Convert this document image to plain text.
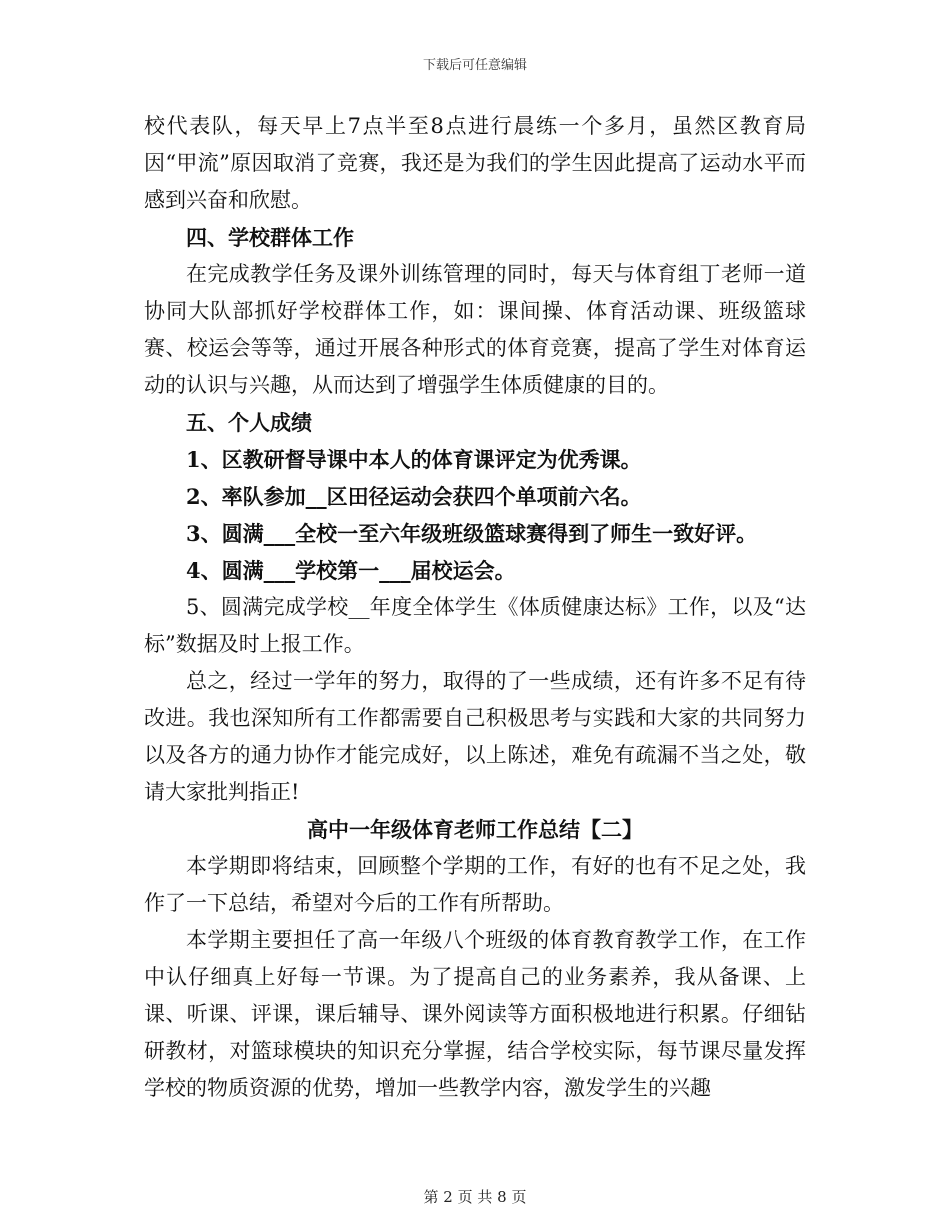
下载后可任意编辑

校代表队，每天早上7点半至8点进行晨练一个多月，虽然区教育局因“甲流”原因取消了竞赛，我还是为我们的学生因此提高了运动水平而感到兴奋和欣慰。

四、学校群体工作

在完成教学任务及课外训练管理的同时，每天与体育组丁老师一道协同大队部抓好学校群体工作，如：课间操、体育活动课、班级篮球赛、校运会等等，通过开展各种形式的体育竞赛，提高了学生对体育运动的认识与兴趣，从而达到了增强学生体质健康的目的。

五、个人成绩

1、区教研督导课中本人的体育课评定为优秀课。

2、率队参加__区田径运动会获四个单项前六名。

3、圆满___全校一至六年级班级篮球赛得到了师生一致好评。

4、圆满___学校第一___届校运会。

5、圆满完成学校__年度全体学生《体质健康达标》工作，以及“达标”数据及时上报工作。

总之，经过一学年的努力，取得的了一些成绩，还有许多不足有待改进。我也深知所有工作都需要自己积极思考与实践和大家的共同努力以及各方的通力协作才能完成好，以上陈述，难免有疏漏不当之处，敬请大家批判指正!

高中一年级体育老师工作总结【二】

本学期即将结束，回顾整个学期的工作，有好的也有不足之处，我作了一下总结，希望对今后的工作有所帮助。

本学期主要担任了高一年级八个班级的体育教育教学工作，在工作中认仔细真上好每一节课。为了提高自己的业务素养，我从备课、上课、听课、评课，课后辅导、课外阅读等方面积极地进行积累。仔细钻研教材，对篮球模块的知识充分掌握，结合学校实际，每节课尽量发挥学校的物质资源的优势，增加一些教学内容，激发学生的兴趣

第 2 页 共 8 页
